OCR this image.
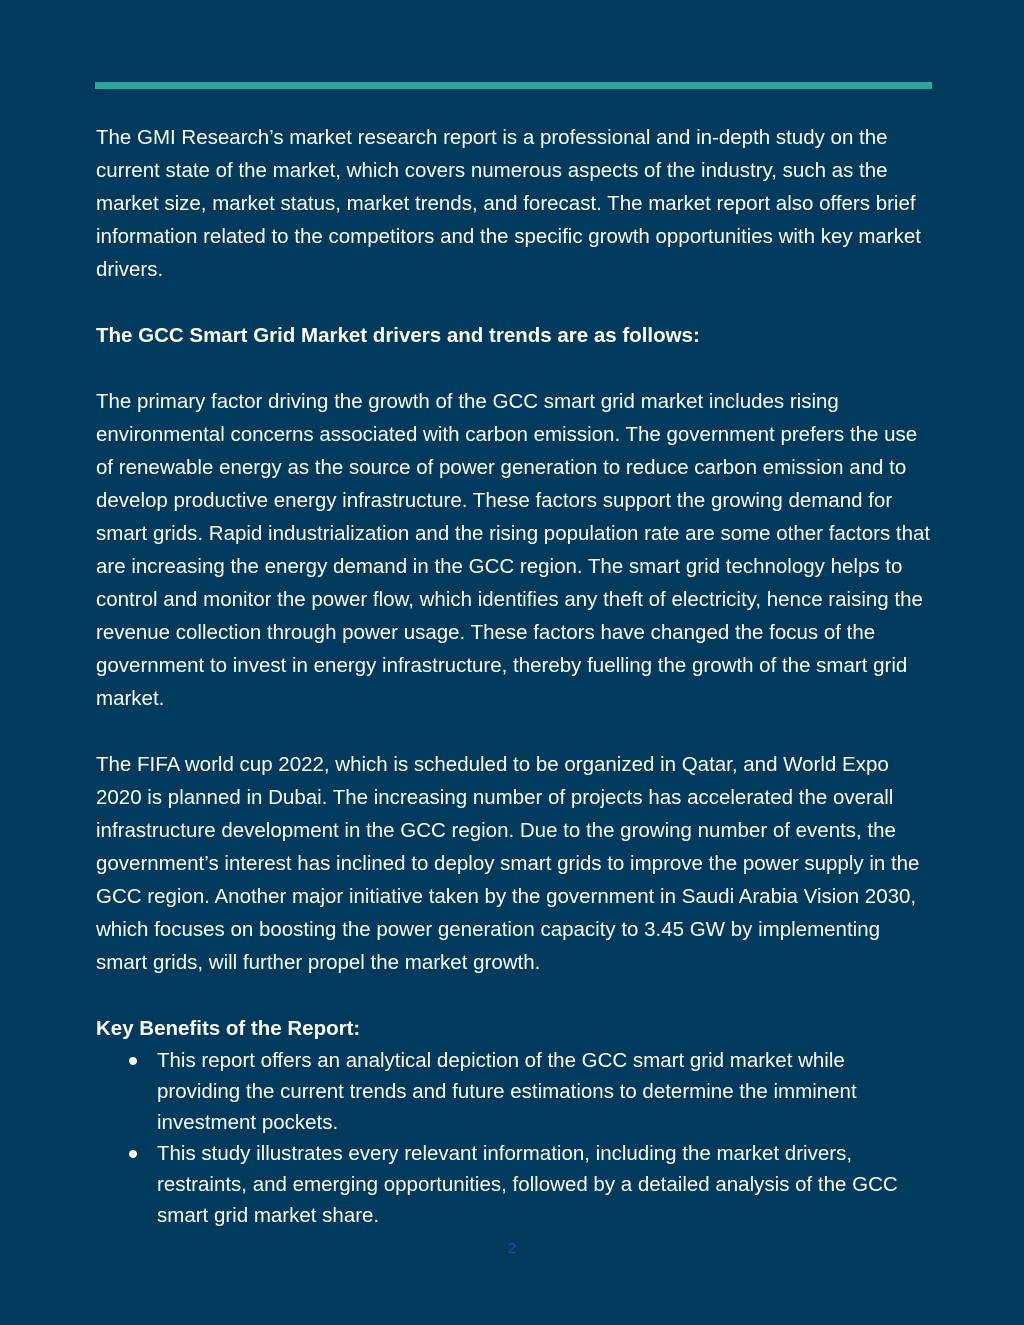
The GMI Research’s market research report is a professional and in-depth study on the current state of the market, which covers numerous aspects of the industry, such as the market size, market status, market trends, and forecast. The market report also offers brief information related to the competitors and the specific growth opportunities with key market drivers.

The GCC Smart Grid Market drivers and trends are as follows:

The primary factor driving the growth of the GCC smart grid market includes rising environmental concerns associated with carbon emission. The government prefers the use of renewable energy as the source of power generation to reduce carbon emission and to develop productive energy infrastructure. These factors support the growing demand for smart grids. Rapid industrialization and the rising population rate are some other factors that are increasing the energy demand in the GCC region. The smart grid technology helps to control and monitor the power flow, which identifies any theft of electricity, hence raising the revenue collection through power usage. These factors have changed the focus of the government to invest in energy infrastructure, thereby fuelling the growth of the smart grid market.

The FIFA world cup 2022, which is scheduled to be organized in Qatar, and World Expo 2020 is planned in Dubai. The increasing number of projects has accelerated the overall infrastructure development in the GCC region. Due to the growing number of events, the government’s interest has inclined to deploy smart grids to improve the power supply in the GCC region. Another major initiative taken by the government in Saudi Arabia Vision 2030, which focuses on boosting the power generation capacity to 3.45 GW by implementing smart grids, will further propel the market growth.

Key Benefits of the Report:

This report offers an analytical depiction of the GCC smart grid market while providing the current trends and future estimations to determine the imminent investment pockets.
This study illustrates every relevant information, including the market drivers, restraints, and emerging opportunities, followed by a detailed analysis of the GCC smart grid market share.
2
